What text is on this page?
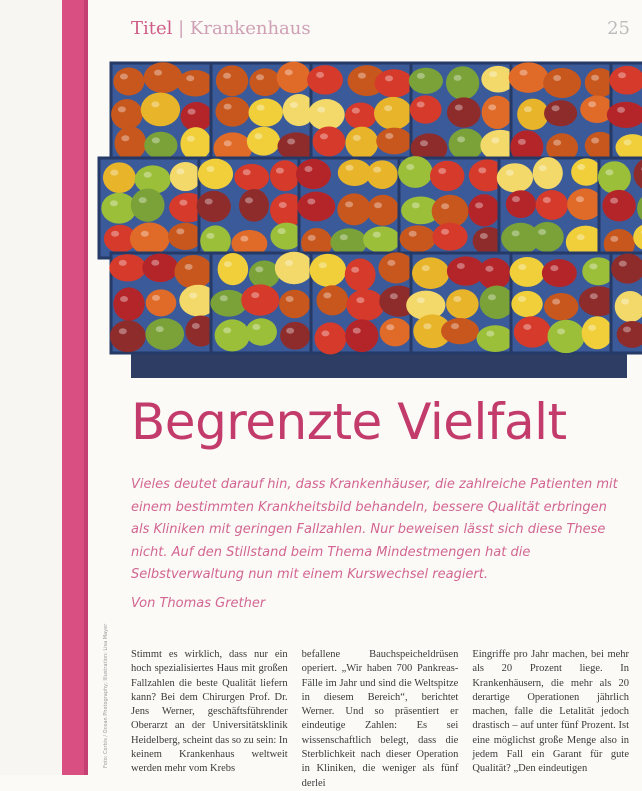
Titel | Krankenhaus	25
Begrenzte Vielfalt
Vieles deutet darauf hin, dass Krankenhäuser, die zahlreiche Patienten mit einem bestimmten Krankheitsbild behandeln, bessere Qualität erbringen als Kliniken mit geringen Fallzahlen. Nur beweisen lässt sich diese These nicht. Auf den Stillstand beim Thema Mindestmengen hat die Selbstverwaltung nun mit einem Kurswechsel reagiert.
Von Thomas Grether
Stimmt es wirklich, dass nur ein hoch spezialisiertes Haus mit großen Fallzahlen die beste Qualität liefern kann? Bei dem Chirurgen Prof. Dr. Jens Werner, geschäftsführender Oberarzt an der Universitätsklinik Heidelberg, scheint das so zu sein: In keinem Krankenhaus weltweit werden mehr vom Krebs
befallene Bauchspeicheldrüsen operiert. „Wir haben 700 Pankreas-Fälle im Jahr und sind die Weltspitze in diesem Bereich“, berichtet Werner. Und so präsentiert er eindeutige Zahlen: Es sei wissenschaftlich belegt, dass die Sterblichkeit nach dieser Operation in Kliniken, die weniger als fünf derlei
Eingriffe pro Jahr machen, bei mehr als 20 Prozent liege. In Krankenhäusern, die mehr als 20 derartige Operationen jährlich machen, falle die Letalität jedoch drastisch – auf unter fünf Prozent. Ist eine möglichst große Menge also in jedem Fall ein Garant für gute Qualität? „Den eindeutigen
Foto: Corbis / Ocean Photography; Illustration: Lisa Mayer
